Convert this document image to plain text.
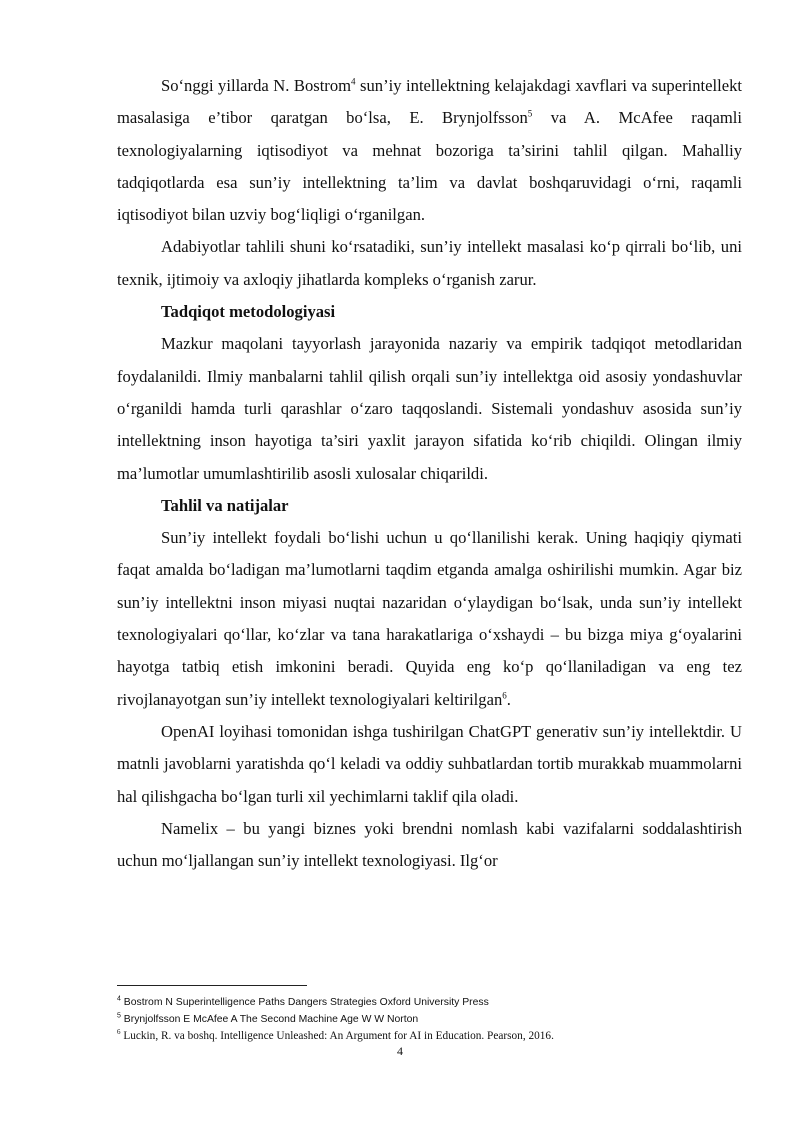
So‘nggi yillarda N. Bostrom$^4$ sun’iy intellektning kelajakdagi xavflari va superintellekt masalasiga e’tibor qaratgan bo‘lsa, E. Brynjolfsson$^5$ va A. McAfee raqamli texnologiyalarning iqtisodiyot va mehnat bozoriga ta’sirini tahlil qilgan. Mahalliy tadqiqotlarda esa sun’iy intellektning ta’lim va davlat boshqaruvidagi o‘rni, raqamli iqtisodiyot bilan uzviy bog‘liqligi o‘rganilgan.

Adabiyotlar tahlili shuni ko‘rsatadiki, sun’iy intellekt masalasi ko‘p qirrali bo‘lib, uni texnik, ijtimoiy va axloqiy jihatlarda kompleks o‘rganish zarur.

Tadqiqot metodologiyasi

Mazkur maqolani tayyorlash jarayonida nazariy va empirik tadqiqot metodlaridan foydalanildi. Ilmiy manbalarni tahlil qilish orqali sun’iy intellektga oid asosiy yondashuvlar o‘rganildi hamda turli qarashlar o‘zaro taqqoslandi. Sistemali yondashuv asosida sun’iy intellektning inson hayotiga ta’siri yaxlit jarayon sifatida ko‘rib chiqildi. Olingan ilmiy ma’lumotlar umumlashtirilib asosli xulosalar chiqarildi.

Tahlil va natijalar

Sun’iy intellekt foydali bo‘lishi uchun u qo‘llanilishi kerak. Uning haqiqiy qiymati faqat amalda bo‘ladigan ma’lumotlarni taqdim etganda amalga oshirilishi mumkin. Agar biz sun’iy intellektni inson miyasi nuqtai nazaridan o‘ylaydigan bo‘lsak, unda sun’iy intellekt texnologiyalari qo‘llar, ko‘zlar va tana harakatlariga o‘xshaydi – bu bizga miya g‘oyalarini hayotga tatbiq etish imkonini beradi. Quyida eng ko‘p qo‘llaniladigan va eng tez rivojlanayotgan sun’iy intellekt texnologiyalari keltirilgan$^6$.

OpenAI loyihasi tomonidan ishga tushirilgan ChatGPT generativ sun’iy intellektdir. U matnli javoblarni yaratishda qo‘l keladi va oddiy suhbatlardan tortib murakkab muammolarni hal qilishgacha bo‘lgan turli xil yechimlarni taklif qila oladi.

Namelix – bu yangi biznes yoki brendni nomlash kabi vazifalarni soddalashtirish uchun mo‘ljallangan sun’iy intellekt texnologiyasi. Ilg‘or

$^4$ Bostrom N Superintelligence Paths Dangers Strategies Oxford University Press
$^5$ Brynjolfsson E McAfee A The Second Machine Age W W Norton
$^6$ Luckin, R. va boshq. Intelligence Unleashed: An Argument for AI in Education. Pearson, 2016.
4
